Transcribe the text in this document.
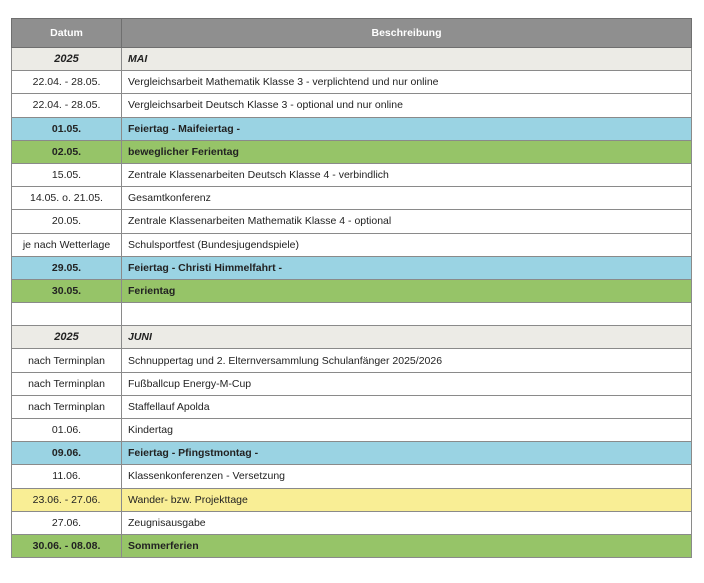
Datum	Beschreibung
2025	MAI
22.04. - 28.05.	Vergleichsarbeit Mathematik Klasse 3 - verplichtend und nur online
22.04. - 28.05.	Vergleichsarbeit Deutsch Klasse 3 - optional und nur online
01.05.	Feiertag - Maifeiertag -
02.05.	beweglicher Ferientag
15.05.	Zentrale Klassenarbeiten Deutsch Klasse 4 - verbindlich
14.05. o. 21.05.	Gesamtkonferenz
20.05.	Zentrale Klassenarbeiten Mathematik Klasse 4 - optional
je nach Wetterlage	Schulsportfest (Bundesjugendspiele)
29.05.	Feiertag - Christi Himmelfahrt -
30.05.	Ferientag

2025	JUNI
nach Terminplan	Schnuppertag und 2. Elternversammlung Schulanfänger 2025/2026
nach Terminplan	Fußballcup Energy-M-Cup
nach Terminplan	Staffellauf Apolda
01.06.	Kindertag
09.06.	Feiertag - Pfingstmontag -
11.06.	Klassenkonferenzen - Versetzung
23.06. - 27.06.	Wander- bzw. Projekttage
27.06.	Zeugnisausgabe
30.06. - 08.08.	Sommerferien
